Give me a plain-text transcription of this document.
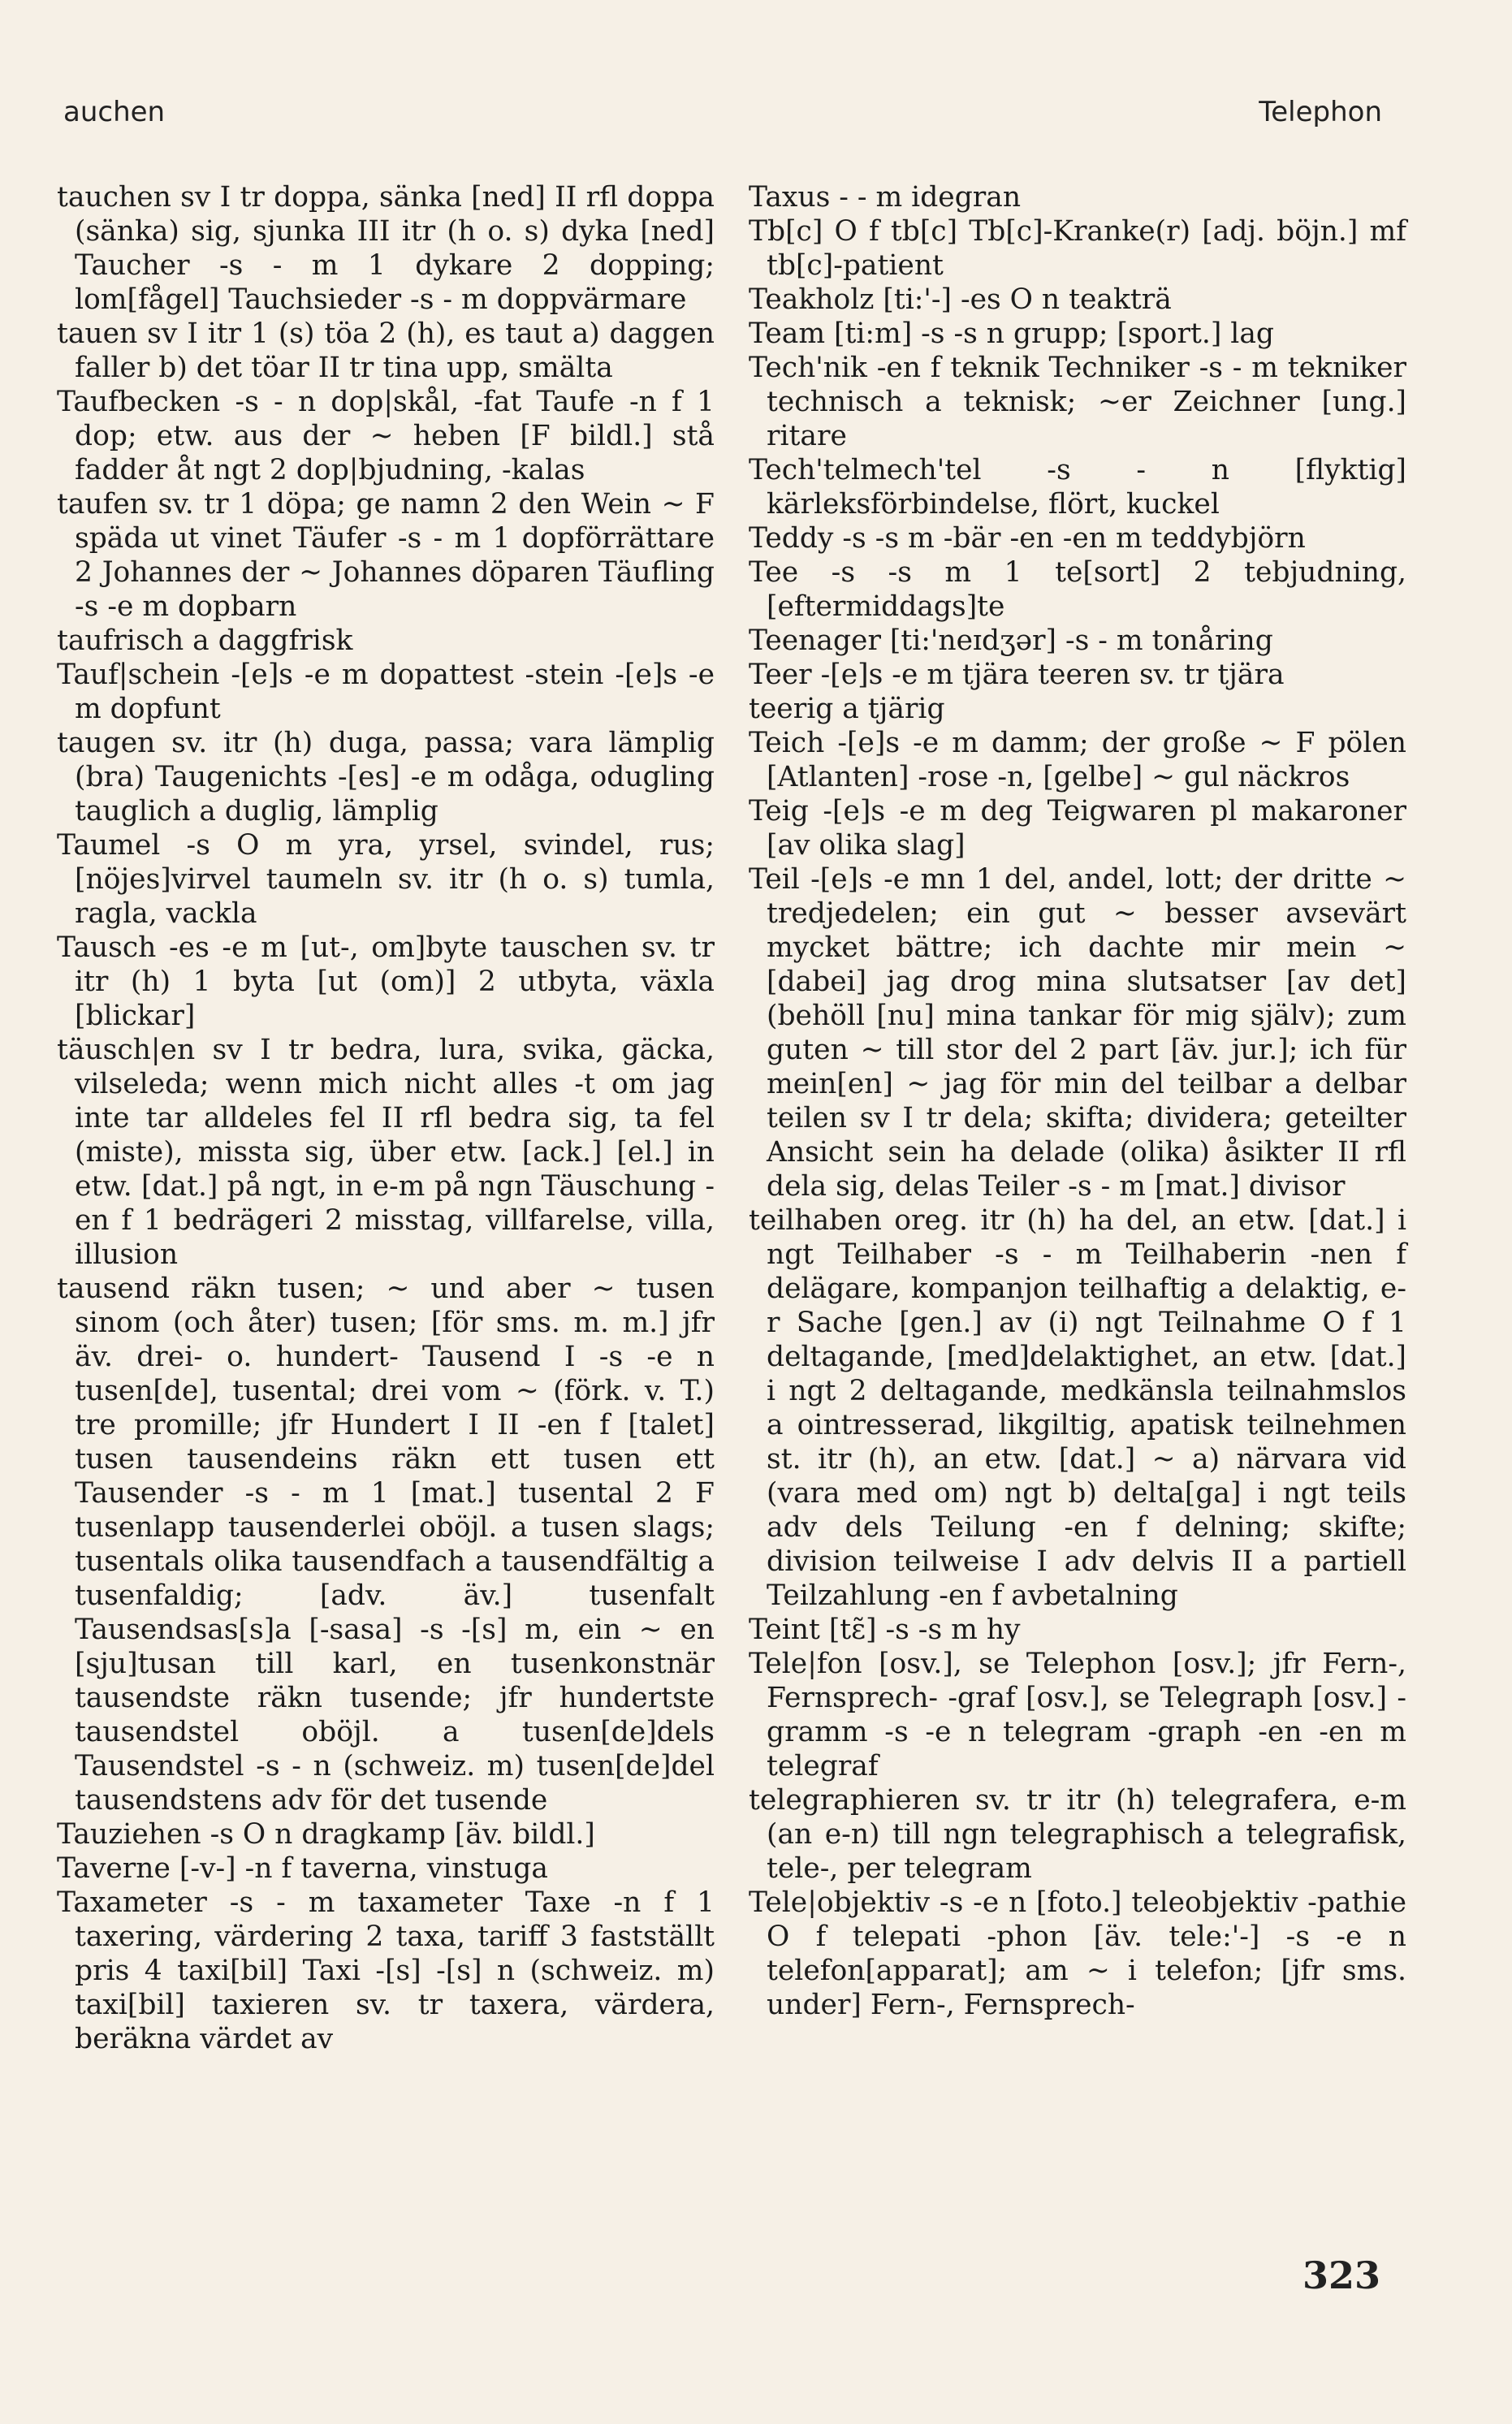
auchen	Telephon

tauchen sv I tr doppa, sänka [ned] II rfl doppa (sänka) sig, sjunka III itr (h o. s) dyka [ned] Taucher -s - m 1 dykare 2 dopping; lom[fågel] Tauchsieder -s - m doppvärmare

tauen sv I itr 1 (s) töa 2 (h), es taut a) daggen faller b) det töar II tr tina upp, smälta

Taufbecken -s - n dop|skål, -fat Taufe -n f 1 dop; etw. aus der ~ heben [F bildl.] stå fadder åt ngt 2 dop|bjudning, -kalas

taufen sv. tr 1 döpa; ge namn 2 den Wein ~ F späda ut vinet Täufer -s - m 1 dopförrättare 2 Johannes der ~ Johannes döparen Täufling -s -e m dopbarn

taufrisch a daggfrisk

Tauf|schein -[e]s -e m dopattest -stein -[e]s -e m dopfunt

taugen sv. itr (h) duga, passa; vara lämplig (bra) Taugenichts -[es] -e m odåga, odugling tauglich a duglig, lämplig

Taumel -s O m yra, yrsel, svindel, rus; [nöjes]virvel taumeln sv. itr (h o. s) tumla, ragla, vackla

Tausch -es -e m [ut-, om]byte tauschen sv. tr itr (h) 1 byta [ut (om)] 2 utbyta, växla [blickar]

täusch|en sv I tr bedra, lura, svika, gäcka, vilseleda; wenn mich nicht alles -t om jag inte tar alldeles fel II rfl bedra sig, ta fel (miste), missta sig, über etw. [ack.] [el.] in etw. [dat.] på ngt, in e-m på ngn Täuschung -en f 1 bedrägeri 2 misstag, villfarelse, villa, illusion

tausend räkn tusen; ~ und aber ~ tusen sinom (och åter) tusen; [för sms. m. m.] jfr äv. drei- o. hundert- Tausend I -s -e n tusen[de], tusental; drei vom ~ (förk. v. T.) tre promille; jfr Hundert I II -en f [talet] tusen tausendeins räkn ett tusen ett Tausender -s - m 1 [mat.] tusental 2 F tusenlapp tausenderlei oböjl. a tusen slags; tusentals olika tausendfach a tausendfältig a tusenfaldig; [adv. äv.] tusenfalt Tausendsas[s]a [-sasa] -s -[s] m, ein ~ en [sju]tusan till karl, en tusenkonstnär tausendste räkn tusende; jfr hundertste tausendstel oböjl. a tusen[de]dels Tausendstel -s - n (schweiz. m) tusen[de]del tausendstens adv för det tusende

Tauziehen -s O n dragkamp [äv. bildl.]

Taverne [-v-] -n f taverna, vinstuga

Taxameter -s - m taxameter Taxe -n f 1 taxering, värdering 2 taxa, tariff 3 fastställt pris 4 taxi[bil] Taxi -[s] -[s] n (schweiz. m) taxi[bil] taxieren sv. tr taxera, värdera, beräkna värdet av

Taxus - - m idegran

Tb[c] O f tb[c] Tb[c]-Kranke(r) [adj. böjn.] mf tb[c]-patient

Teakholz [ti:'-] -es O n teakträ

Team [ti:m] -s -s n grupp; [sport.] lag

Tech'nik -en f teknik Techniker -s - m tekniker technisch a teknisk; ~er Zeichner [ung.] ritare

Tech'telmech'tel -s - n [flyktig] kärleksförbindelse, flört, kuckel

Teddy -s -s m -bär -en -en m teddybjörn

Tee -s -s m 1 te[sort] 2 tebjudning, [eftermiddags]te

Teenager [ti:'neɪdʒər] -s - m tonåring

Teer -[e]s -e m tjära teeren sv. tr tjära

teerig a tjärig

Teich -[e]s -e m damm; der große ~ F pölen [Atlanten] -rose -n, [gelbe] ~ gul näckros

Teig -[e]s -e m deg Teigwaren pl makaroner [av olika slag]

Teil -[e]s -e mn 1 del, andel, lott; der dritte ~ tredjedelen; ein gut ~ besser avsevärt mycket bättre; ich dachte mir mein ~ [dabei] jag drog mina slutsatser [av det] (behöll [nu] mina tankar för mig själv); zum guten ~ till stor del 2 part [äv. jur.]; ich für mein[en] ~ jag för min del teilbar a delbar teilen sv I tr dela; skifta; dividera; geteilter Ansicht sein ha delade (olika) åsikter II rfl dela sig, delas Teiler -s - m [mat.] divisor

teilhaben oreg. itr (h) ha del, an etw. [dat.] i ngt Teilhaber -s - m Teilhaberin -nen f delägare, kompanjon teilhaftig a delaktig, e-r Sache [gen.] av (i) ngt Teilnahme O f 1 deltagande, [med]delaktighet, an etw. [dat.] i ngt 2 deltagande, medkänsla teilnahmslos a ointresserad, likgiltig, apatisk teilnehmen st. itr (h), an etw. [dat.] ~ a) närvara vid (vara med om) ngt b) delta[ga] i ngt teils adv dels Teilung -en f delning; skifte; division teilweise I adv delvis II a partiell Teilzahlung -en f avbetalning

Teint [tɛ̃] -s -s m hy

Tele|fon [osv.], se Telephon [osv.]; jfr Fern-, Fernsprech- -graf [osv.], se Telegraph [osv.] -gramm -s -e n telegram -graph -en -en m telegraf

telegraphieren sv. tr itr (h) telegrafera, e-m (an e-n) till ngn telegraphisch a telegrafisk, tele-, per telegram

Tele|objektiv -s -e n [foto.] teleobjektiv -pathie O f telepati -phon [äv. tele:'-] -s -e n telefon[apparat]; am ~ i telefon; [jfr sms. under] Fern-, Fernsprech-

323
